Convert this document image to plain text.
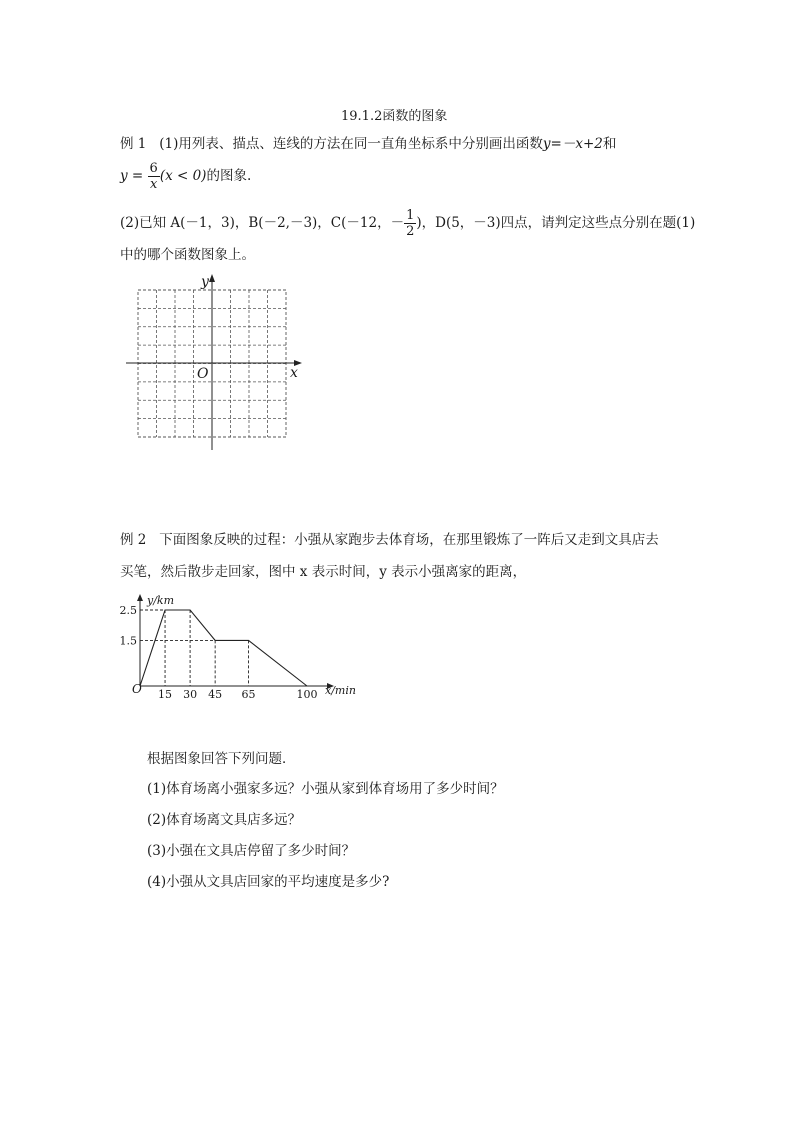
19.1.2函数的图象
例 1 (1)用列表、描点、连线的方法在同一直角坐标系中分别画出函数y=－x+2和
$y = \frac{6}{x} (x < 0)$的图象.
(2)已知 A(－1，3)，B(－2,－3)，C(－12，－ $\frac{1}{2}$ )，D(5，－3)四点，请判定这些点分别在题(1)
中的哪个函数图象上。
y
x
O
例 2 下面图象反映的过程：小强从家跑步去体育场，在那里锻炼了一阵后又走到文具店去
买笔，然后散步走回家，图中 x 表示时间，y 表示小强离家的距离，
15 30 45 65	100
2.5
1.5
y/km
x/min
O
根据图象回答下列问题．
(1)体育场离小强家多远？小强从家到体育场用了多少时间？
(2)体育场离文具店多远？
(3)小强在文具店停留了多少时间？
(4)小强从文具店回家的平均速度是多少?
